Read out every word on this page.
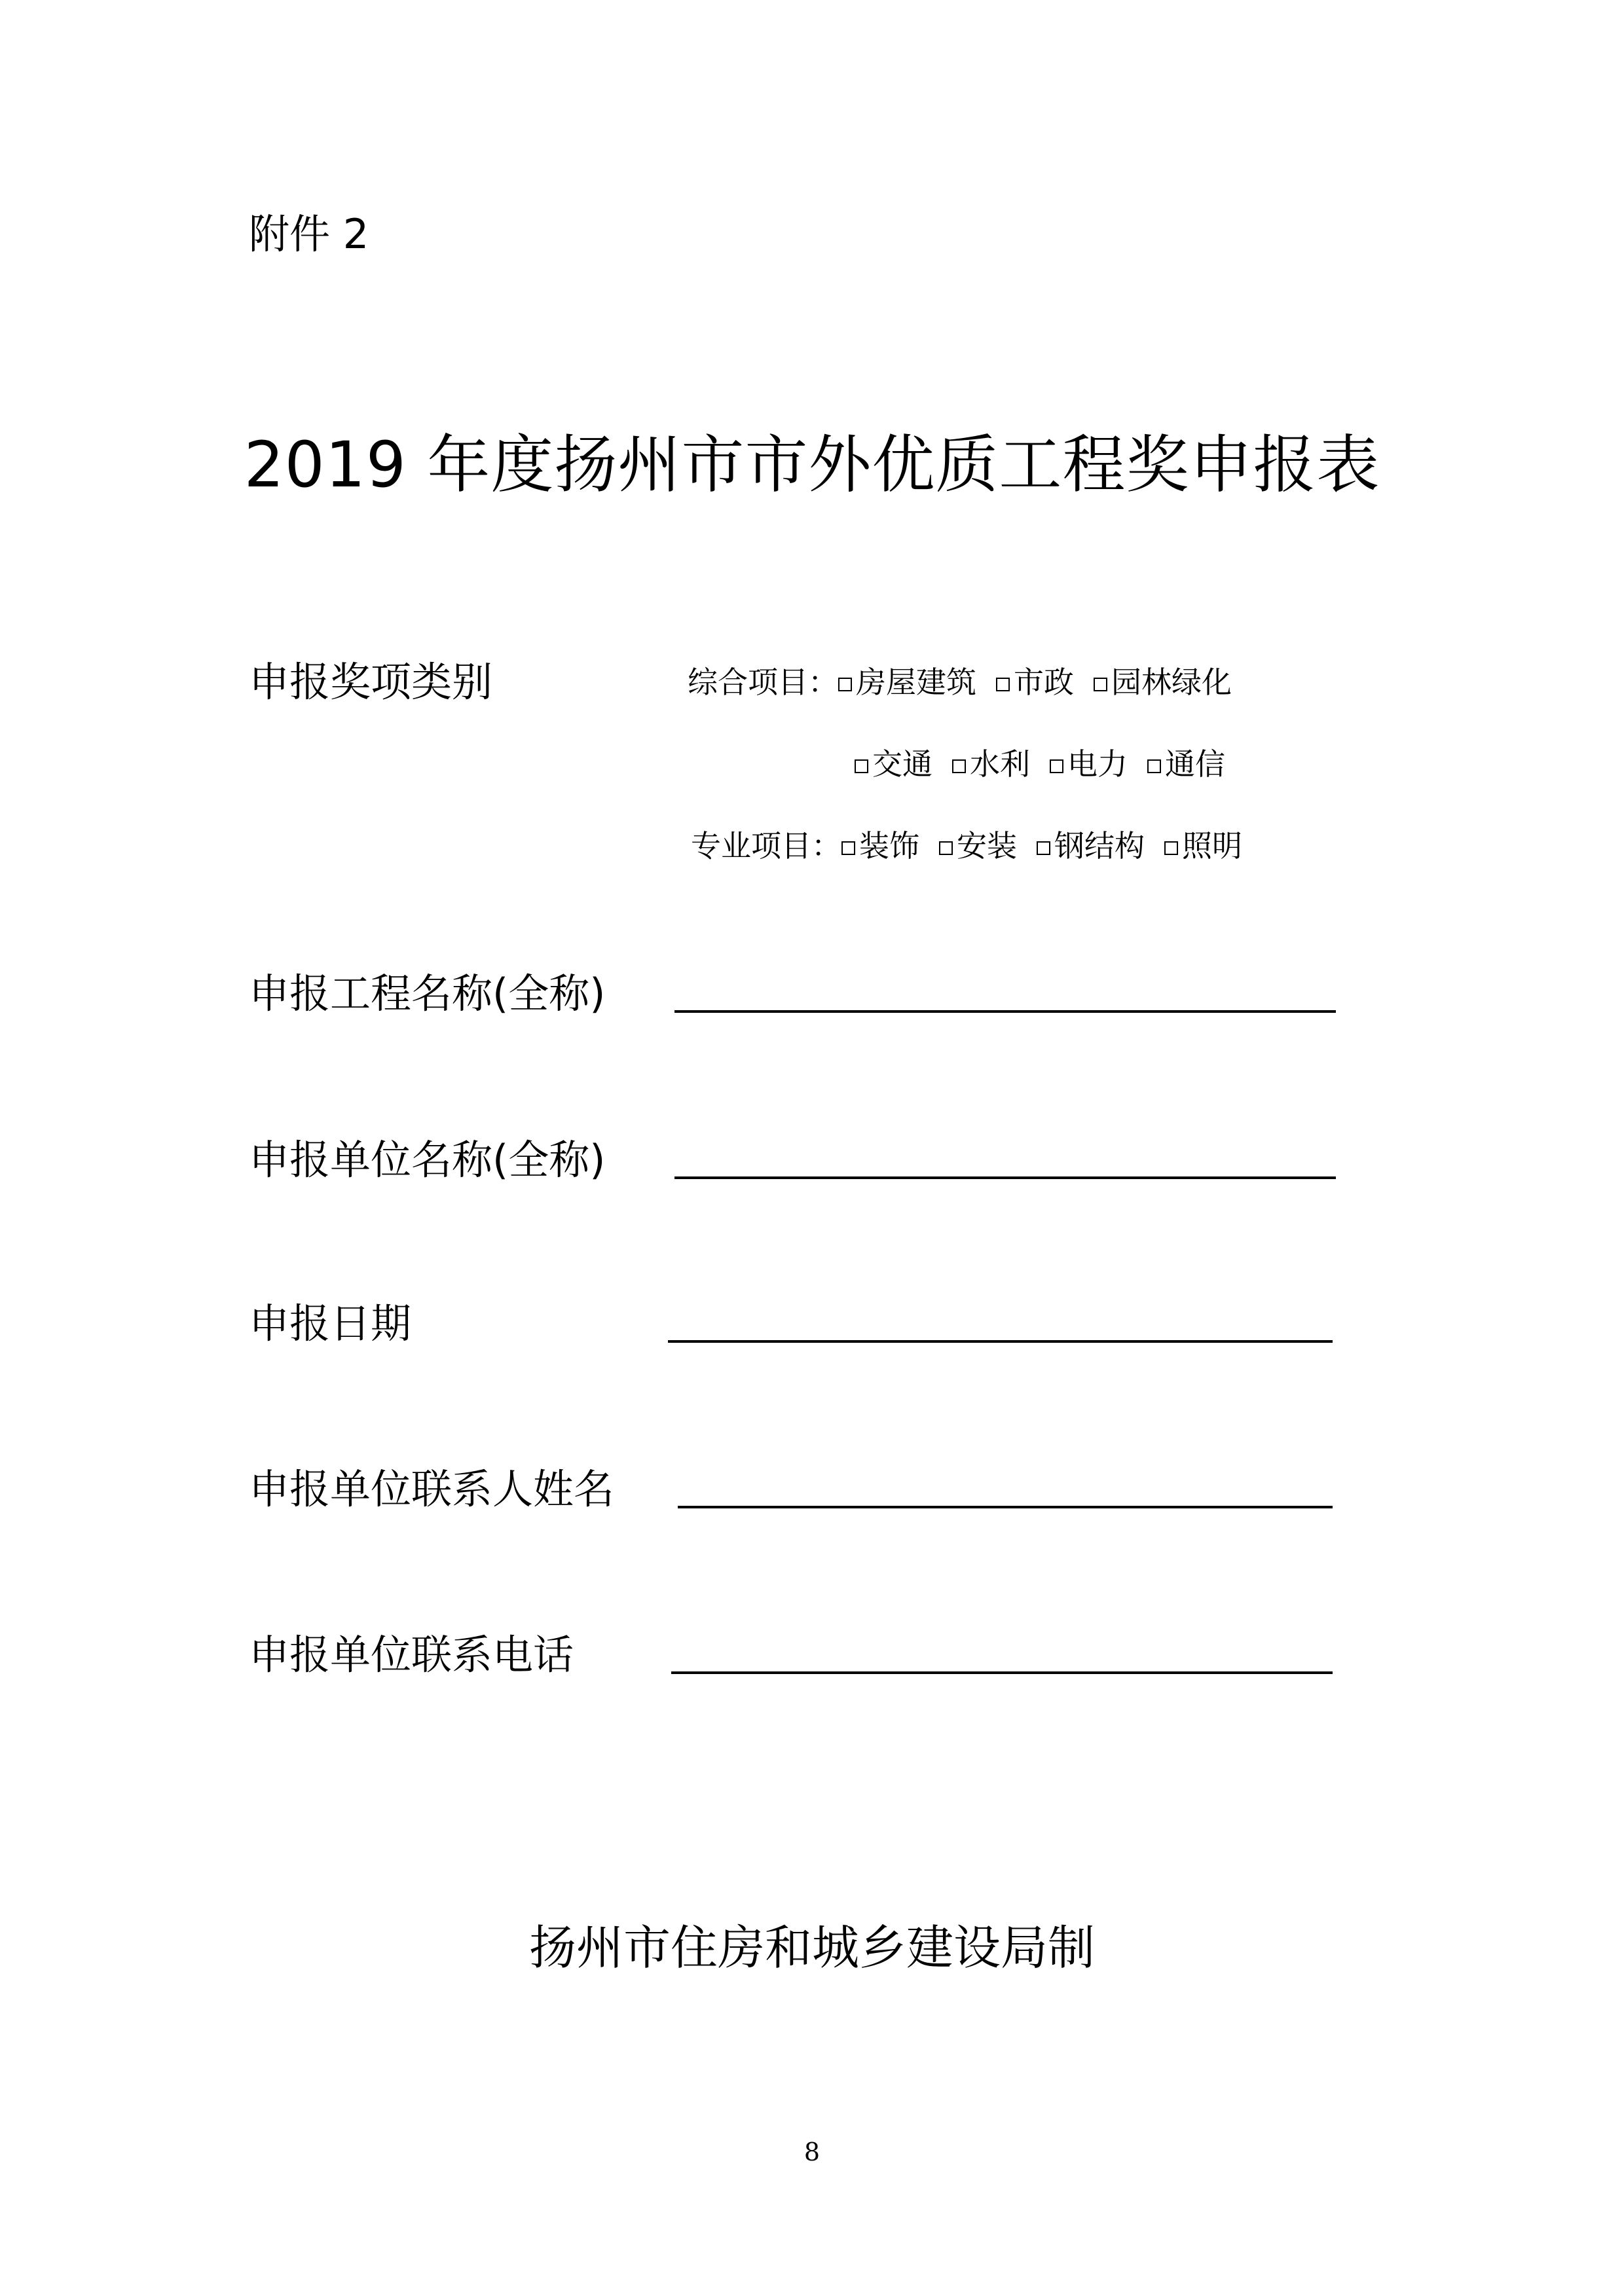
附件 2
2019 年度扬州市市外优质工程奖申报表
申报奖项类别	综合项目： 房屋建筑 市政 园林绿化
交通 水利 电力 通信
专业项目： 装饰 安装 钢结构 照明
申报工程名称(全称)
申报单位名称(全称)
申报日期
申报单位联系人姓名
申报单位联系电话
扬州市住房和城乡建设局制
8
